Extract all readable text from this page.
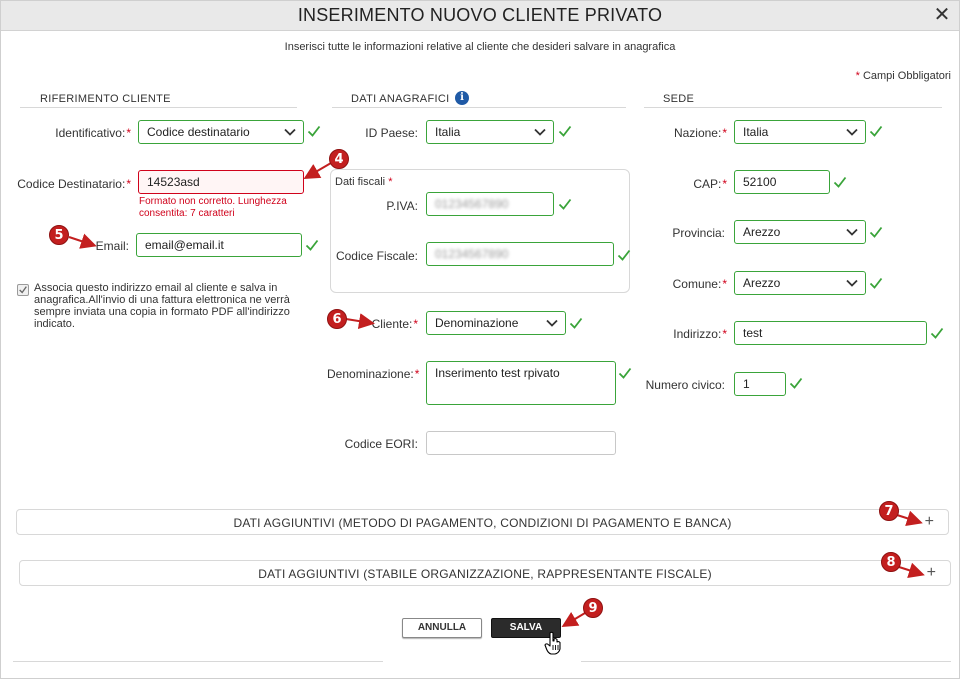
INSERIMENTO NUOVO CLIENTE PRIVATO	✕
Inserisci tutte le informazioni relative al cliente che desideri salvare in anagrafica
* Campi Obbligatori
RIFERIMENTO CLIENTE	DATI ANAGRAFICI	i	SEDE
Identificativo:*	Codice destinatario
Codice Destinatario:*	14523asd
Formato non corretto. Lunghezza consentita: 7 caratteri
Email:	email@email.it
Associa questo indirizzo email al cliente e salva in anagrafica.All'invio di una fattura elettronica ne verrà sempre inviata una copia in formato PDF all'indirizzo indicato.
ID Paese:	Italia
Dati fiscali *
P.IVA:	01234567890
Codice Fiscale:	01234567890
Cliente:*	Denominazione
Denominazione:*	Inserimento test rpivato
Codice EORI:
Nazione:*	Italia
CAP:*	52100
Provincia:	Arezzo
Comune:*	Arezzo
Indirizzo:*	test
Numero civico:	1
DATI AGGIUNTIVI (METODO DI PAGAMENTO, CONDIZIONI DI PAGAMENTO E BANCA)	+
DATI AGGIUNTIVI (STABILE ORGANIZZAZIONE, RAPPRESENTANTE FISCALE)	+
ANNULLA	SALVA
4
5
6
7
8
9
